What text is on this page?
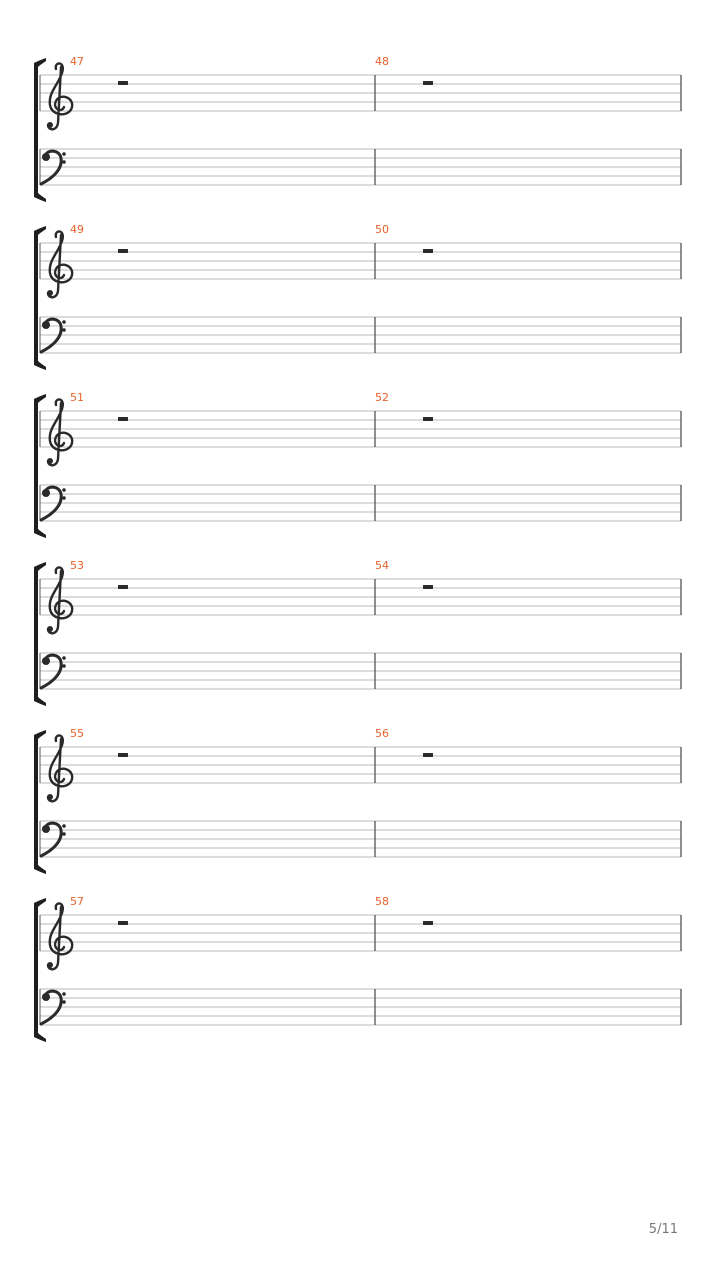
47	48
49	50
51	52
53	54
55	56
57	58
5/11
